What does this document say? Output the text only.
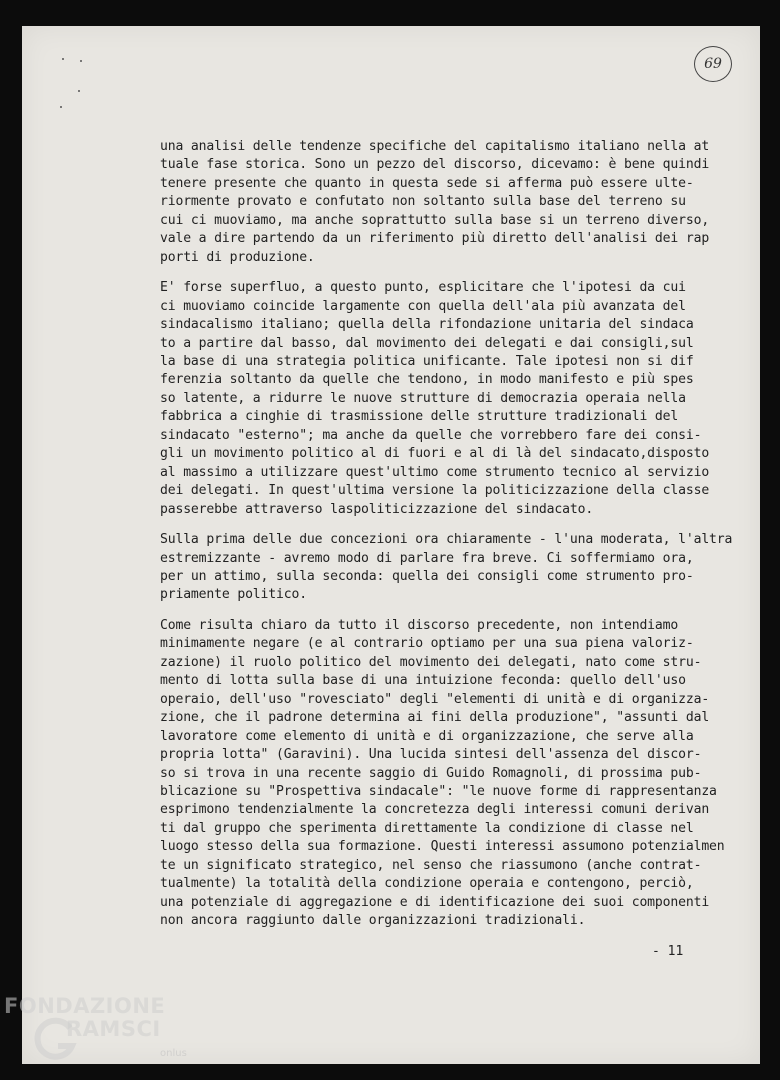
69
una analisi delle tendenze specifiche del capitalismo italiano nella at
tuale fase storica. Sono un pezzo del discorso, dicevamo: è bene quindi
tenere presente che quanto in questa sede si afferma può essere ulte-
riormente provato e confutato non soltanto sulla base del terreno su
cui ci muoviamo, ma anche soprattutto sulla base si un terreno diverso,
vale a dire partendo da un riferimento più diretto dell'analisi dei rap
porti di produzione.
E' forse superfluo, a questo punto, esplicitare che l'ipotesi da cui
ci muoviamo coincide largamente con quella dell'ala più avanzata del
sindacalismo italiano; quella della rifondazione unitaria del sindaca
to a partire dal basso, dal movimento dei delegati e dai consigli,sul
la base di una strategia politica unificante. Tale ipotesi non si dif
ferenzia soltanto da quelle che tendono, in modo manifesto e più spes
so latente, a ridurre le nuove strutture di democrazia operaia nella
fabbrica a cinghie di trasmissione delle strutture tradizionali del
sindacato "esterno"; ma anche da quelle che vorrebbero fare dei consi-
gli un movimento politico al di fuori e al di là del sindacato,disposto
al massimo a utilizzare quest'ultimo come strumento tecnico al servizio
dei delegati. In quest'ultima versione la politicizzazione della classe
passerebbe attraverso laspoliticizzazione del sindacato.
Sulla prima delle due concezioni ora chiaramente - l'una moderata, l'altra
estremizzante - avremo modo di parlare fra breve. Ci soffermiamo ora,
per un attimo, sulla seconda: quella dei consigli come strumento pro-
priamente politico.
Come risulta chiaro da tutto il discorso precedente, non intendiamo
minimamente negare (e al contrario optiamo per una sua piena valoriz-
zazione) il ruolo politico del movimento dei delegati, nato come stru-
mento di lotta sulla base di una intuizione feconda: quello dell'uso
operaio, dell'uso "rovesciato" degli "elementi di unità e di organizza-
zione, che il padrone determina ai fini della produzione", "assunti dal
lavoratore come elemento di unità e di organizzazione, che serve alla
propria lotta" (Garavini). Una lucida sintesi dell'assenza del discor-
so si trova in una recente saggio di Guido Romagnoli, di prossima pub-
blicazione su "Prospettiva sindacale": "le nuove forme di rappresentanza
esprimono tendenzialmente la concretezza degli interessi comuni derivan
ti dal gruppo che sperimenta direttamente la condizione di classe nel
luogo stesso della sua formazione. Questi interessi assumono potenzialmen
te un significato strategico, nel senso che riassumono (anche contrat-
tualmente) la totalità della condizione operaia e contengono, perciò,
una potenziale di aggregazione e di identificazione dei suoi componenti
non ancora raggiunto dalle organizzazioni tradizionali.
- 11
FONDAZIONE
RAMSCI
onlus
